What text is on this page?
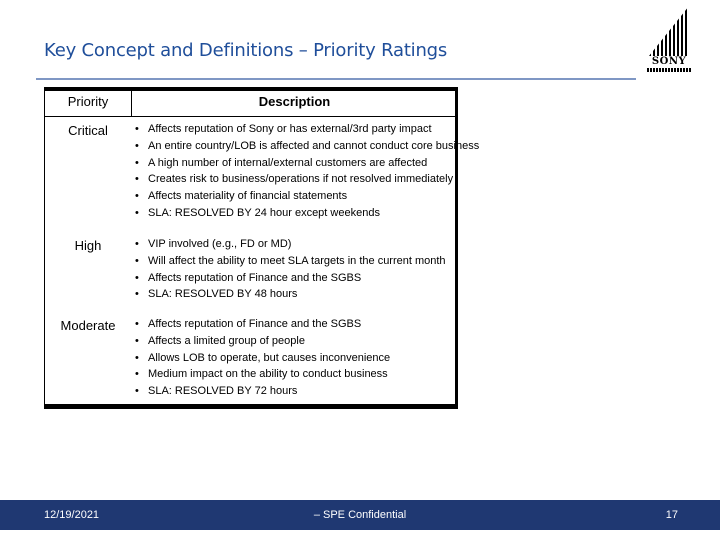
Key Concept and Definitions – Priority Ratings
SONY
Priority	Description
Critical	• Affects reputation of Sony or has external/3rd party impact
• An entire country/LOB is affected and cannot conduct core business
• A high number of internal/external customers are affected
• Creates risk to business/operations if not resolved immediately
• Affects materiality of financial statements
• SLA: RESOLVED BY 24 hour except weekends
High	• VIP involved (e.g., FD or MD)
• Will affect the ability to meet SLA targets in the current month
• Affects reputation of Finance and the SGBS
• SLA: RESOLVED BY 48 hours
Moderate	• Affects reputation of Finance and the SGBS
• Affects a limited group of people
• Allows LOB to operate, but causes inconvenience
• Medium impact on the ability to conduct business
• SLA: RESOLVED BY 72 hours
12/19/2021	– SPE Confidential	17
